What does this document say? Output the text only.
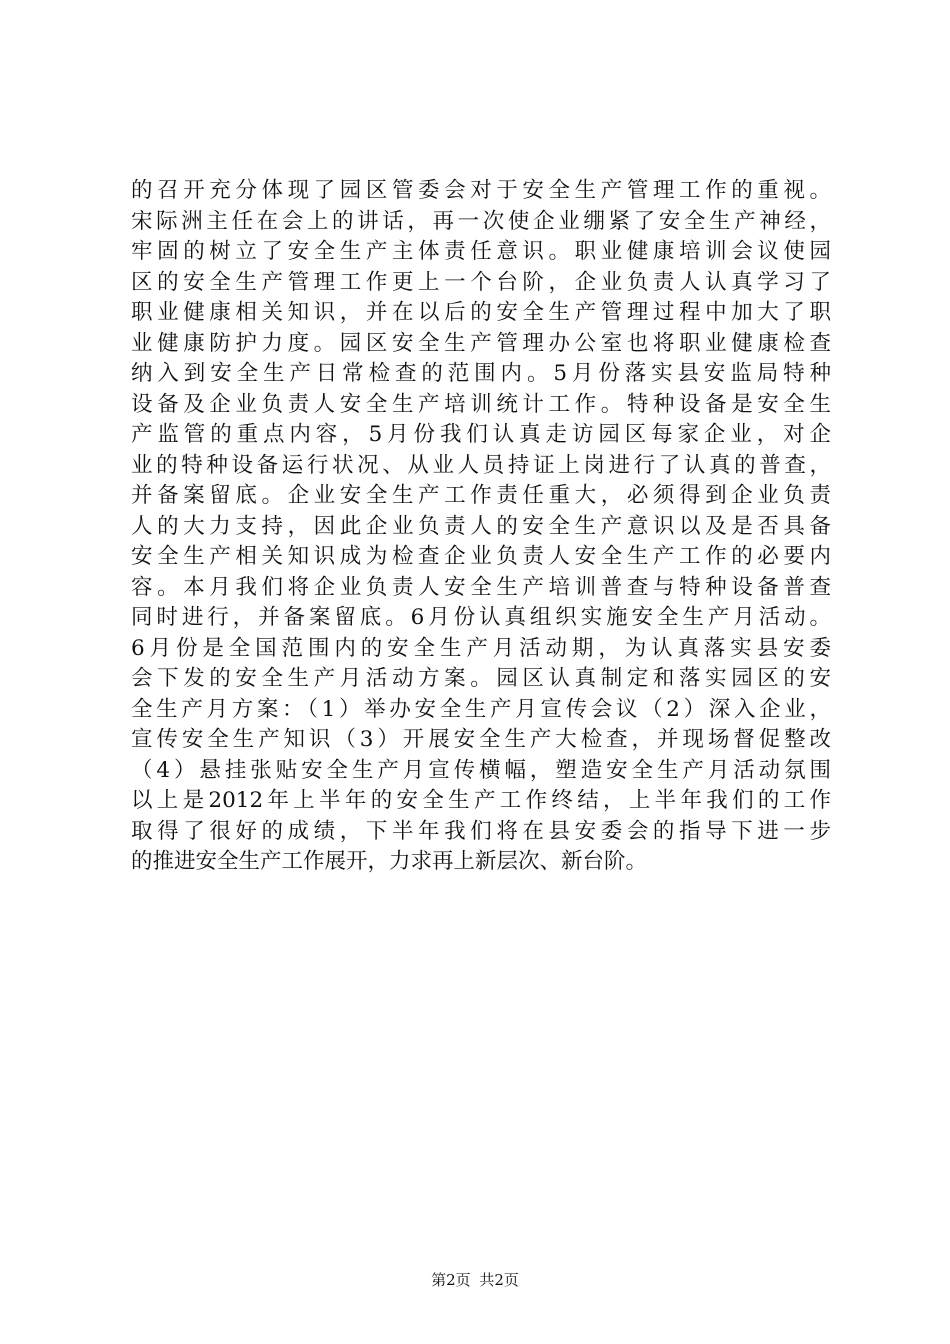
的召开充分体现了园区管委会对于安全生产管理工作的重视。
宋际洲主任在会上的讲话，再一次使企业绷紧了安全生产神经，
牢固的树立了安全生产主体责任意识。职业健康培训会议使园
区的安全生产管理工作更上一个台阶，企业负责人认真学习了
职业健康相关知识，并在以后的安全生产管理过程中加大了职
业健康防护力度。园区安全生产管理办公室也将职业健康检查
纳入到安全生产日常检查的范围内。5月份落实县安监局特种
设备及企业负责人安全生产培训统计工作。特种设备是安全生
产监管的重点内容，5月份我们认真走访园区每家企业，对企
业的特种设备运行状况、从业人员持证上岗进行了认真的普查，
并备案留底。企业安全生产工作责任重大，必须得到企业负责
人的大力支持，因此企业负责人的安全生产意识以及是否具备
安全生产相关知识成为检查企业负责人安全生产工作的必要内
容。本月我们将企业负责人安全生产培训普查与特种设备普查
同时进行，并备案留底。6月份认真组织实施安全生产月活动。
6月份是全国范围内的安全生产月活动期，为认真落实县安委
会下发的安全生产月活动方案。园区认真制定和落实园区的安
全生产月方案：（1）举办安全生产月宣传会议（2）深入企业，
宣传安全生产知识（3）开展安全生产大检查，并现场督促整改
（4）悬挂张贴安全生产月宣传横幅，塑造安全生产月活动氛围
以上是2012年上半年的安全生产工作终结，上半年我们的工作
取得了很好的成绩，下半年我们将在县安委会的指导下进一步
的推进安全生产工作展开，力求再上新层次、新台阶。
第2页 共2页
